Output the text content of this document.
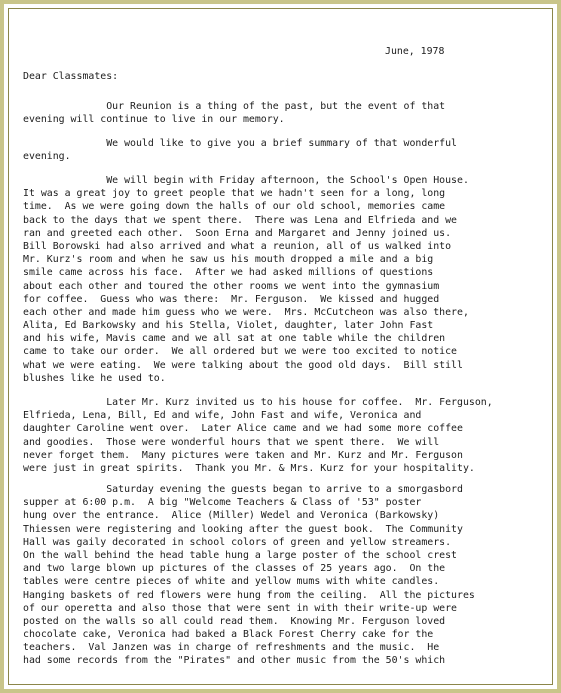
June, 1978
Dear Classmates:
Our Reunion is a thing of the past, but the event of that
evening will continue to live in our memory.
We would like to give you a brief summary of that wonderful
evening.
We will begin with Friday afternoon, the School's Open House.
It was a great joy to greet people that we hadn't seen for a long, long
time.  As we were going down the halls of our old school, memories came
back to the days that we spent there.  There was Lena and Elfrieda and we
ran and greeted each other.  Soon Erna and Margaret and Jenny joined us.
Bill Borowski had also arrived and what a reunion, all of us walked into
Mr. Kurz's room and when he saw us his mouth dropped a mile and a big
smile came across his face.  After we had asked millions of questions
about each other and toured the other rooms we went into the gymnasium
for coffee.  Guess who was there:  Mr. Ferguson.  We kissed and hugged
each other and made him guess who we were.  Mrs. McCutcheon was also there,
Alita, Ed Barkowsky and his Stella, Violet, daughter, later John Fast
and his wife, Mavis came and we all sat at one table while the children
came to take our order.  We all ordered but we were too excited to notice
what we were eating.  We were talking about the good old days.  Bill still
blushes like he used to.
Later Mr. Kurz invited us to his house for coffee.  Mr. Ferguson,
Elfrieda, Lena, Bill, Ed and wife, John Fast and wife, Veronica and
daughter Caroline went over.  Later Alice came and we had some more coffee
and goodies.  Those were wonderful hours that we spent there.  We will
never forget them.  Many pictures were taken and Mr. Kurz and Mr. Ferguson
were just in great spirits.  Thank you Mr. & Mrs. Kurz for your hospitality.
Saturday evening the guests began to arrive to a smorgasbord
supper at 6:00 p.m.  A big "Welcome Teachers & Class of '53" poster
hung over the entrance.  Alice (Miller) Wedel and Veronica (Barkowsky)
Thiessen were registering and looking after the guest book.  The Community
Hall was gaily decorated in school colors of green and yellow streamers.
On the wall behind the head table hung a large poster of the school crest
and two large blown up pictures of the classes of 25 years ago.  On the
tables were centre pieces of white and yellow mums with white candles.
Hanging baskets of red flowers were hung from the ceiling.  All the pictures
of our operetta and also those that were sent in with their write-up were
posted on the walls so all could read them.  Knowing Mr. Ferguson loved
chocolate cake, Veronica had baked a Black Forest Cherry cake for the
teachers.  Val Janzen was in charge of refreshments and the music.  He
had some records from the "Pirates" and other music from the 50's which
